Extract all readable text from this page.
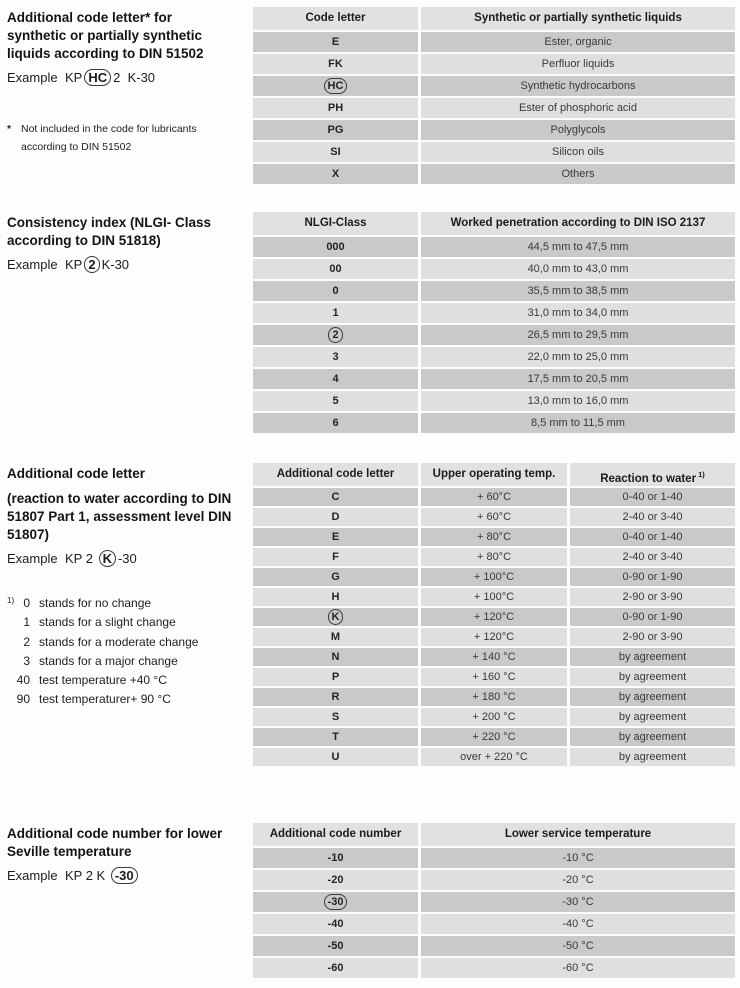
Additional code letter* for synthetic or partially synthetic liquids according to DIN 51502
Example KP HC 2  K-30
* Not included in the code for lubricants according to DIN 51502
Code letter	Synthetic or partially synthetic liquids
E	Ester, organic
FK	Perfluor liquids
HC	Synthetic hydrocarbons
PH	Ester of phosphoric acid
PG	Polyglycols
SI	Silicon oils
X	Others
Consistency index (NLGI- Class according to DIN 51818)
Example KP 2 K-30
NLGI-Class	Worked penetration according to DIN ISO 2137
000	44,5 mm to 47,5 mm
00	40,0 mm to 43,0 mm
0	35,5 mm to 38,5 mm
1	31,0 mm to 34,0 mm
2	26,5 mm to 29,5 mm
3	22,0 mm to 25,0 mm
4	17,5 mm to 20,5 mm
5	13,0 mm to 16,0 mm
6	8,5 mm to 11,5 mm
Additional code letter
(reaction to water according to DIN 51807 Part 1, assessment level DIN 51807)
Example KP 2 K -30
1) 0 stands for no change
1 stands for a slight change
2 stands for a moderate change
3 stands for a major change
40 test temperature +40 °C
90 test temperaturer+ 90 °C
Additional code letter	Upper operating temp.	Reaction to water $^{1)}$
C	+ 60°C	0-40 or 1-40
D	+ 60°C	2-40 or 3-40
E	+ 80°C	0-40 or 1-40
F	+ 80°C	2-40 or 3-40
G	+ 100°C	0-90 or 1-90
H	+ 100°C	2-90 or 3-90
K	+ 120°C	0-90 or 1-90
M	+ 120°C	2-90 or 3-90
N	+ 140 °C	by agreement
P	+ 160 °C	by agreement
R	+ 180 °C	by agreement
S	+ 200 °C	by agreement
T	+ 220 °C	by agreement
U	over + 220 °C	by agreement
Additional code number for lower Seville temperature
Example KP 2 K -30
Additional code number	Lower service temperature
-10	-10 °C
-20	-20 °C
-30	-30 °C
-40	-40 °C
-50	-50 °C
-60	-60 °C
